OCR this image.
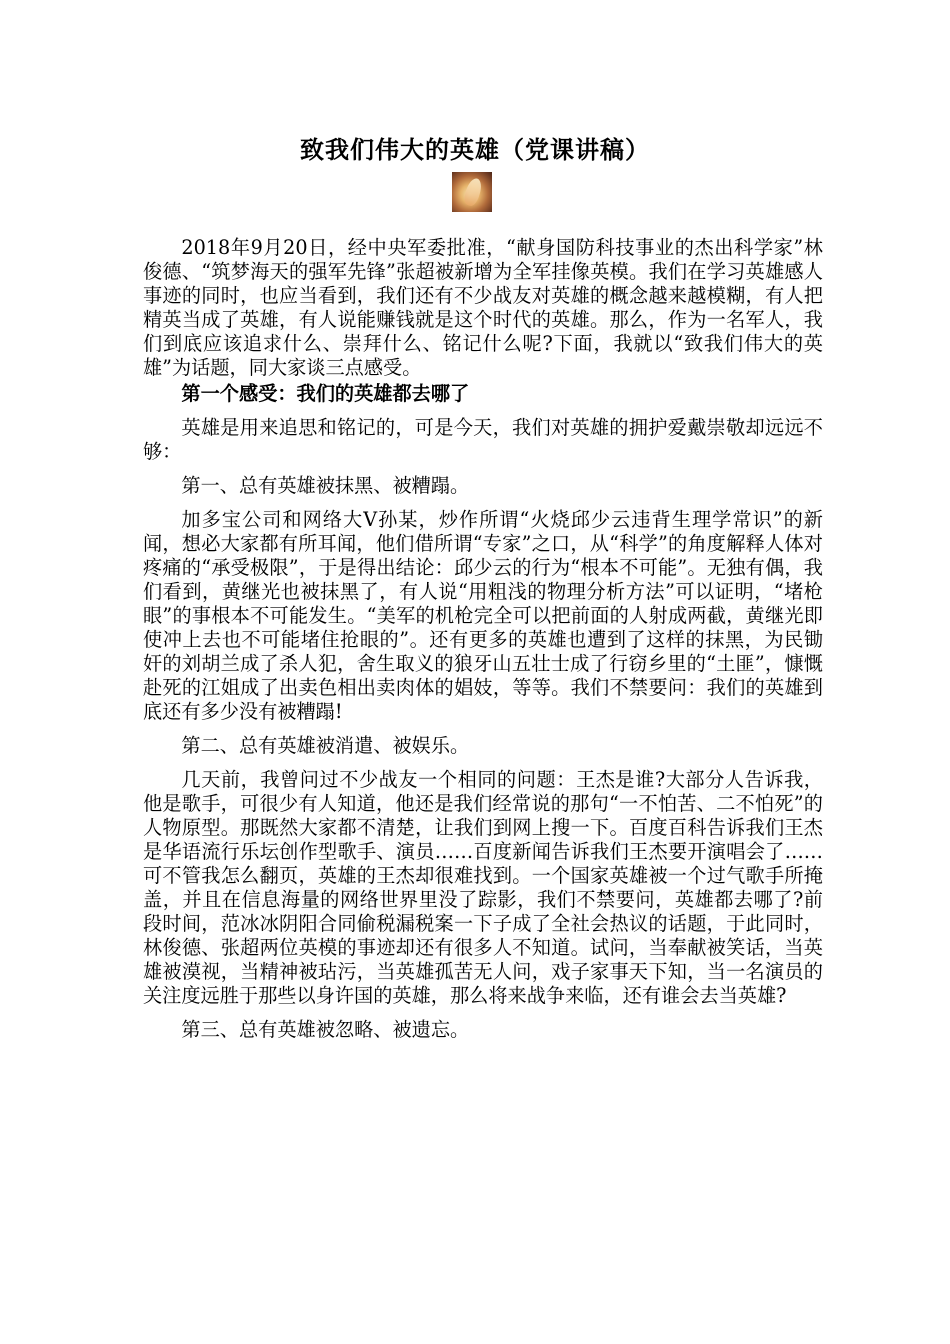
致我们伟大的英雄（党课讲稿）

2018年9月20日，经中央军委批准，“献身国防科技事业的杰出科学家”林俊德、“筑梦海天的强军先锋”张超被新增为全军挂像英模。我们在学习英雄感人事迹的同时，也应当看到，我们还有不少战友对英雄的概念越来越模糊，有人把精英当成了英雄，有人说能赚钱就是这个时代的英雄。那么，作为一名军人，我们到底应该追求什么、崇拜什么、铭记什么呢?下面，我就以“致我们伟大的英雄”为话题，同大家谈三点感受。

第一个感受：我们的英雄都去哪了

英雄是用来追思和铭记的，可是今天，我们对英雄的拥护爱戴崇敬却远远不够：

第一、总有英雄被抹黑、被糟蹋。

加多宝公司和网络大Ⅴ孙某，炒作所谓“火烧邱少云违背生理学常识”的新闻，想必大家都有所耳闻，他们借所谓“专家”之口，从“科学”的角度解释人体对疼痛的“承受极限”，于是得出结论：邱少云的行为“根本不可能”。无独有偶，我们看到，黄继光也被抹黑了，有人说“用粗浅的物理分析方法”可以证明，“堵枪眼”的事根本不可能发生。“美军的机枪完全可以把前面的人射成两截，黄继光即使冲上去也不可能堵住抢眼的”。还有更多的英雄也遭到了这样的抹黑，为民锄奸的刘胡兰成了杀人犯，舍生取义的狼牙山五壮士成了行窃乡里的“土匪”，慷慨赴死的江姐成了出卖色相出卖肉体的娼妓，等等。我们不禁要问：我们的英雄到底还有多少没有被糟蹋!

第二、总有英雄被消遣、被娱乐。

几天前，我曾问过不少战友一个相同的问题：王杰是谁?大部分人告诉我，他是歌手，可很少有人知道，他还是我们经常说的那句“一不怕苦、二不怕死”的人物原型。那既然大家都不清楚，让我们到网上搜一下。百度百科告诉我们王杰是华语流行乐坛创作型歌手、演员……百度新闻告诉我们王杰要开演唱会了……可不管我怎么翻页，英雄的王杰却很难找到。一个国家英雄被一个过气歌手所掩盖，并且在信息海量的网络世界里没了踪影，我们不禁要问，英雄都去哪了?前段时间，范冰冰阴阳合同偷税漏税案一下子成了全社会热议的话题，于此同时，林俊德、张超两位英模的事迹却还有很多人不知道。试问，当奉献被笑话，当英雄被漠视，当精神被玷污，当英雄孤苦无人问，戏子家事天下知，当一名演员的关注度远胜于那些以身许国的英雄，那么将来战争来临，还有谁会去当英雄?

第三、总有英雄被忽略、被遗忘。
